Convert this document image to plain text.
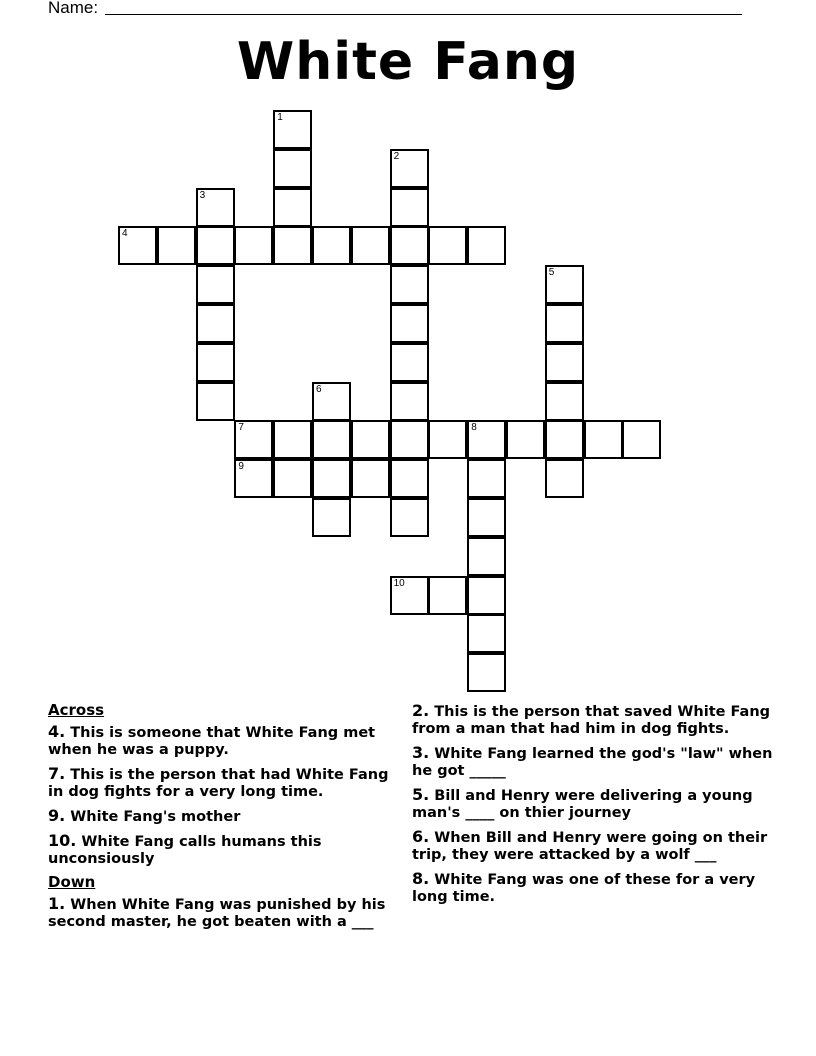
Name:
White Fang
4
7	8
9
10
1
2
3
5
6
Across
4. This is someone that White Fang met when he was a puppy.
7. This is the person that had White Fang in dog fights for a very long time.
9. White Fang's mother
10. White Fang calls humans this unconsiously
Down
1. When White Fang was punished by his second master, he got beaten with a ___
2. This is the person that saved White Fang from a man that had him in dog fights.
3. White Fang learned the god's "law" when he got _____
5. Bill and Henry were delivering a young man's ____ on thier journey
6. When Bill and Henry were going on their trip, they were attacked by a wolf ___
8. White Fang was one of these for a very long time.
